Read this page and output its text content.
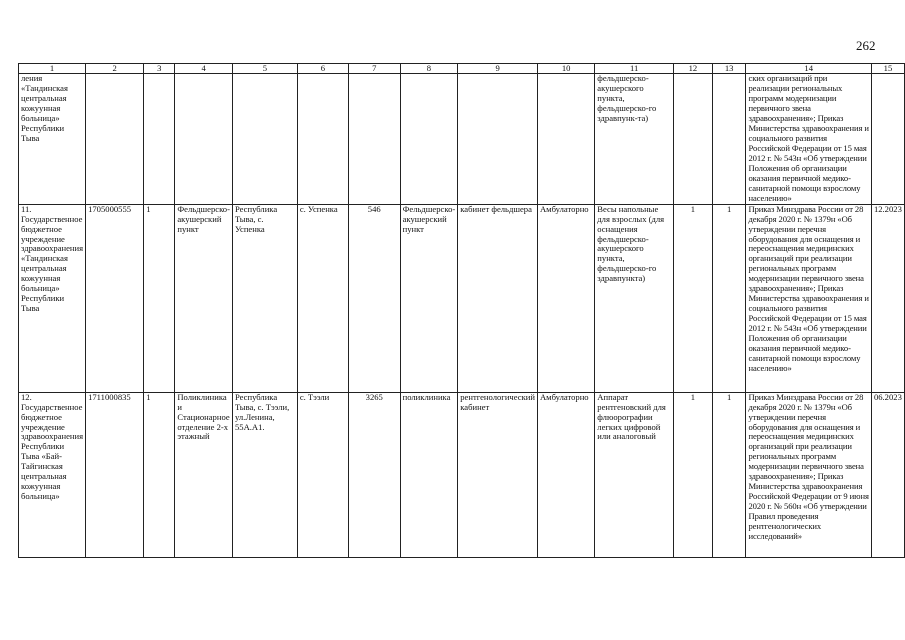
262
1	2	3	4	5	6	7	8	9	10	11	12	13	14	15
ления «Тандинская центральная кожуунная больница» Республики Тыва										фельдшерско-акушерского пункта, фельдшерско-го здравпунк-та)			ских организаций при реализации региональных программ модернизации первичного звена здравоохранения»; Приказ Министерства здравоохранения и социального развития Российской Федерации от 15 мая 2012 г. № 543н «Об утверждении Положения об организации оказания первичной медико-санитарной помощи взрослому населению»	
11. Государственное бюджетное учреждение здравоохранения «Тандинская центральная кожуунная больница» Республики Тыва	1705000555	1	Фельдшерско-акушерский пункт	Республика Тыва, с. Успенка	с. Успенка	546	Фельдшерско-акушерский пункт	кабинет фельдшера	Амбулаторно	Весы напольные для взрослых (для оснащения фельдшерско-акушерского пункта, фельдшерско-го здравпункта)	1	1	Приказ Минздрава России от 28 декабря 2020 г. № 1379н «Об утверждении перечня оборудования для оснащения и переоснащения медицинских организаций при реализации региональных программ модернизации первичного звена здравоохранения»; Приказ Министерства здравоохранения и социального развития Российской Федерации от 15 мая 2012 г. № 543н «Об утверждении Положения об организации оказания первичной медико-санитарной помощи взрослому населению»	12.2023
12. Государственное бюджетное учреждение здравоохранения Республики Тыва «Бай-Тайгинская центральная кожуунная больница»	1711000835	1	Поликлиника и Стационарное отделение 2-х этажный	Республика Тыва, с. Тээли, ул.Ленина, 55А.А1.	с. Тээли	3265	поликлиника	рентгенологический кабинет	Амбулаторно	Аппарат рентгеновский для флюорографии легких цифровой или аналоговый	1	1	Приказ Минздрава России от 28 декабря 2020 г. № 1379н «Об утверждении перечня оборудования для оснащения и переоснащения медицинских организаций при реализации региональных программ модернизации первичного звена здравоохранения»; Приказ Министерства здравоохранения Российской Федерации от 9 июня 2020 г. № 560н «Об утверждении Правил проведения рентгенологических исследований»	06.2023
